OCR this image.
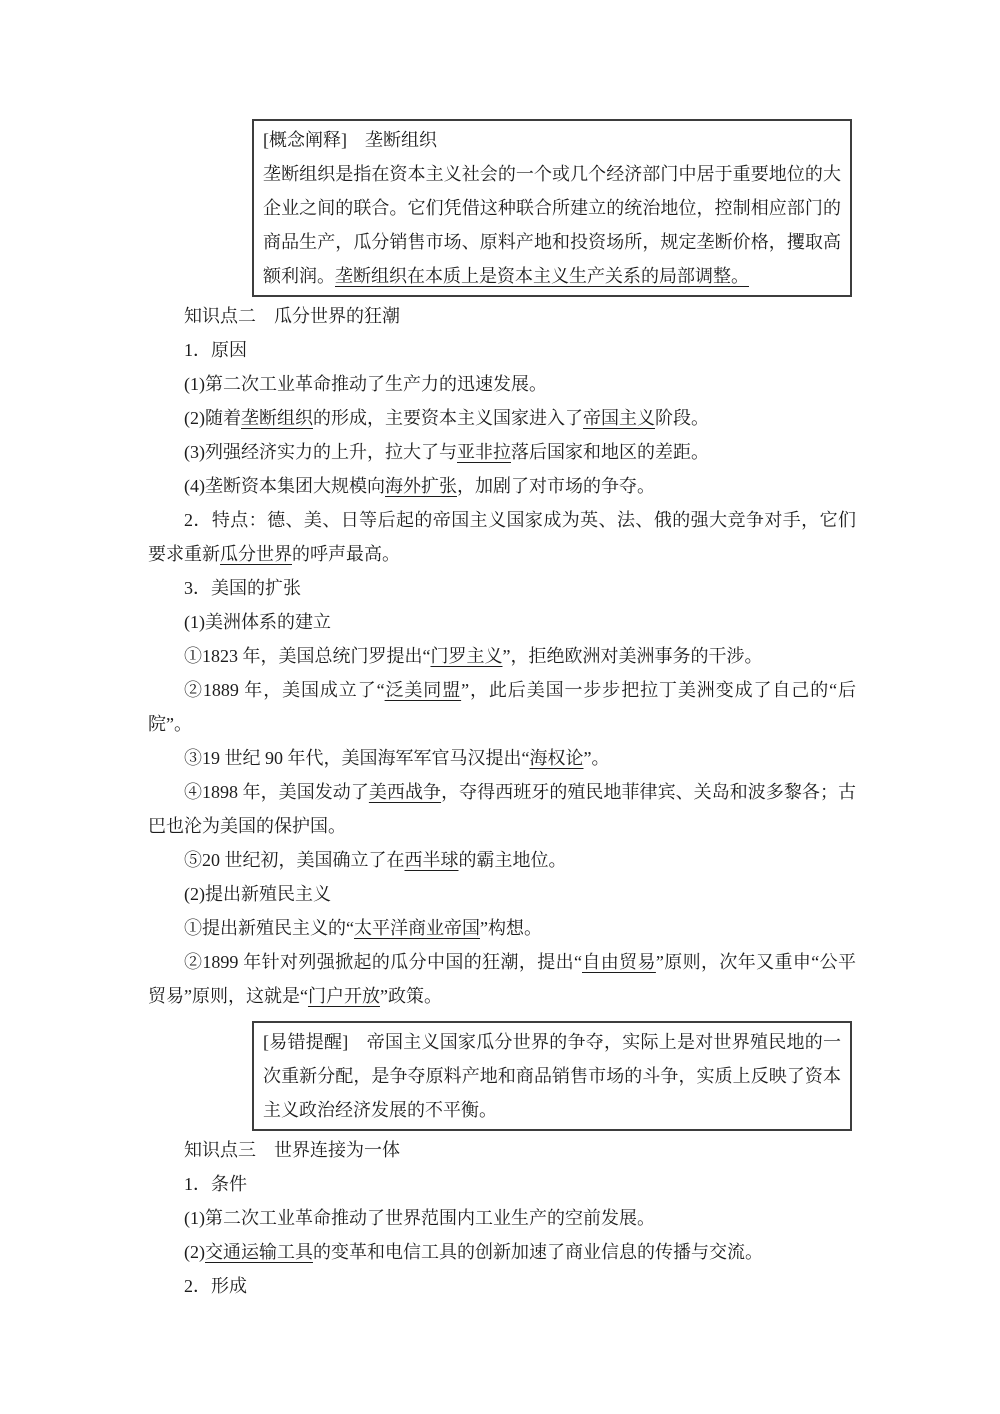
[概念阐释]　垄断组织

垄断组织是指在资本主义社会的一个或几个经济部门中居于重要地位的大企业之间的联合。它们凭借这种联合所建立的统治地位，控制相应部门的商品生产，瓜分销售市场、原料产地和投资场所，规定垄断价格，攫取高额利润。垄断组织在本质上是资本主义生产关系的局部调整。

知识点二　瓜分世界的狂潮

1．原因

(1)第二次工业革命推动了生产力的迅速发展。

(2)随着垄断组织的形成，主要资本主义国家进入了帝国主义阶段。

(3)列强经济实力的上升，拉大了与亚非拉落后国家和地区的差距。

(4)垄断资本集团大规模向海外扩张，加剧了对市场的争夺。

2．特点：德、美、日等后起的帝国主义国家成为英、法、俄的强大竞争对手，它们要求重新瓜分世界的呼声最高。

3．美国的扩张

(1)美洲体系的建立

①1823 年，美国总统门罗提出“门罗主义”，拒绝欧洲对美洲事务的干涉。

②1889 年，美国成立了“泛美同盟”，此后美国一步步把拉丁美洲变成了自己的“后院”。

③19 世纪 90 年代，美国海军军官马汉提出“海权论”。

④1898 年，美国发动了美西战争，夺得西班牙的殖民地菲律宾、关岛和波多黎各；古巴也沦为美国的保护国。

⑤20 世纪初，美国确立了在西半球的霸主地位。

(2)提出新殖民主义

①提出新殖民主义的“太平洋商业帝国”构想。

②1899 年针对列强掀起的瓜分中国的狂潮，提出“自由贸易”原则，次年又重申“公平贸易”原则，这就是“门户开放”政策。

[易错提醒]　帝国主义国家瓜分世界的争夺，实际上是对世界殖民地的一次重新分配，是争夺原料产地和商品销售市场的斗争，实质上反映了资本主义政治经济发展的不平衡。

知识点三　世界连接为一体

1．条件

(1)第二次工业革命推动了世界范围内工业生产的空前发展。

(2)交通运输工具的变革和电信工具的创新加速了商业信息的传播与交流。

2．形成
